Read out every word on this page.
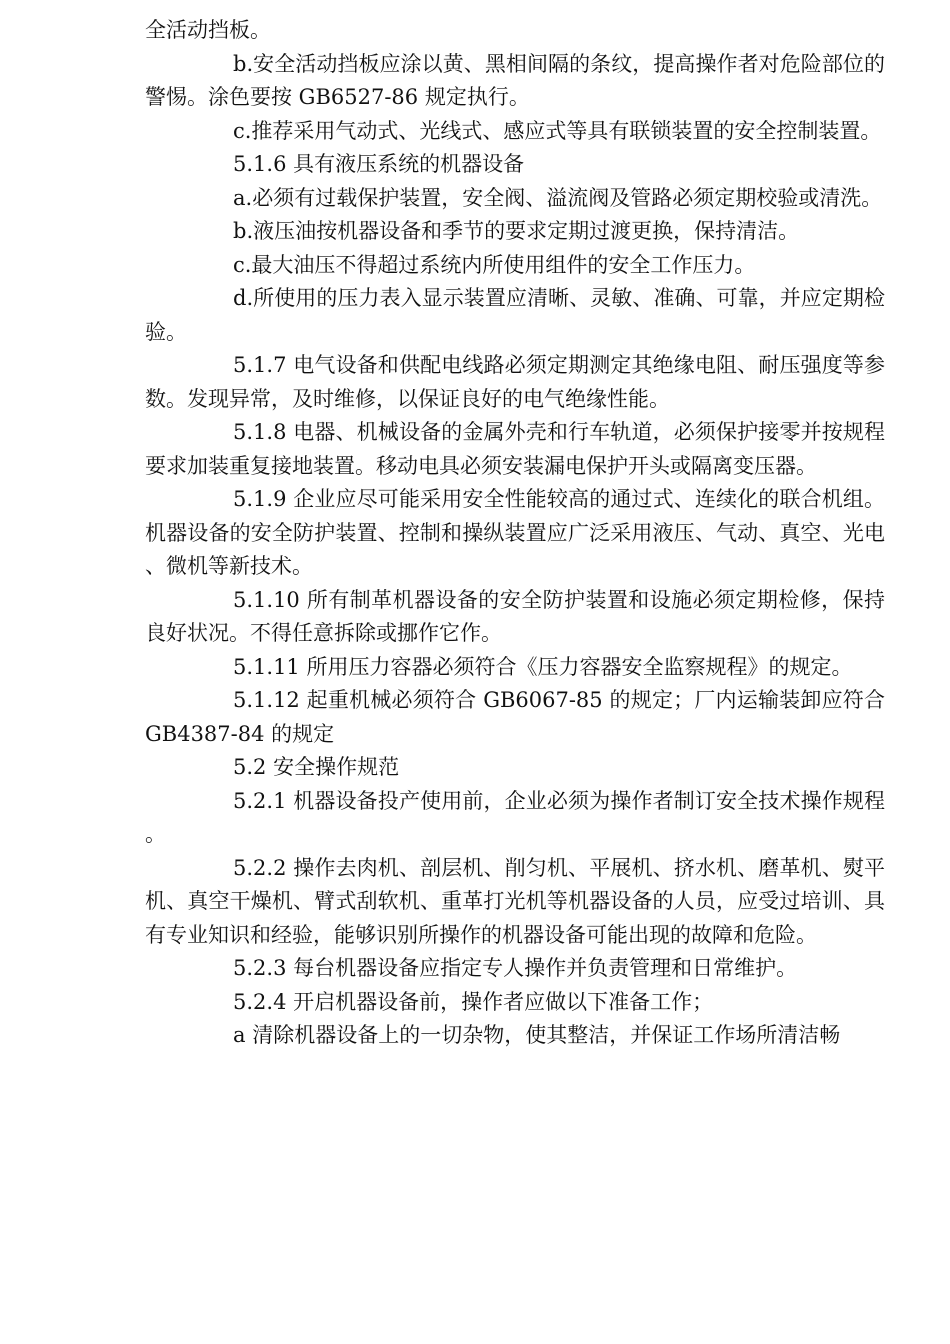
全活动挡板。

b.安全活动挡板应涂以黄、黑相间隔的条纹，提高操作者对危险部位的警惕。涂色要按 GB6527-86 规定执行。

c.推荐采用气动式、光线式、感应式等具有联锁装置的安全控制装置。

5.1.6 具有液压系统的机器设备

a.必须有过载保护装置，安全阀、溢流阀及管路必须定期校验或清洗。

b.液压油按机器设备和季节的要求定期过渡更换，保持清洁。

c.最大油压不得超过系统内所使用组件的安全工作压力。

d.所使用的压力表入显示装置应清晰、灵敏、准确、可靠，并应定期检验。

5.1.7 电气设备和供配电线路必须定期测定其绝缘电阻、耐压强度等参数。发现异常，及时维修，以保证良好的电气绝缘性能。

5.1.8 电器、机械设备的金属外壳和行车轨道，必须保护接零并按规程要求加装重复接地装置。移动电具必须安装漏电保护开头或隔离变压器。

5.1.9 企业应尽可能采用安全性能较高的通过式、连续化的联合机组。机器设备的安全防护装置、控制和操纵装置应广泛采用液压、气动、真空、光电、微机等新技术。

5.1.10 所有制革机器设备的安全防护装置和设施必须定期检修，保持良好状况。不得任意拆除或挪作它作。

5.1.11 所用压力容器必须符合《压力容器安全监察规程》的规定。

5.1.12 起重机械必须符合 GB6067-85 的规定；厂内运输装卸应符合 GB4387-84 的规定

5.2 安全操作规范

5.2.1 机器设备投产使用前，企业必须为操作者制订安全技术操作规程。

5.2.2 操作去肉机、剖层机、削匀机、平展机、挤水机、磨革机、熨平机、真空干燥机、臂式刮软机、重革打光机等机器设备的人员，应受过培训、具有专业知识和经验，能够识别所操作的机器设备可能出现的故障和危险。

5.2.3 每台机器设备应指定专人操作并负责管理和日常维护。

5.2.4 开启机器设备前，操作者应做以下准备工作；

a 清除机器设备上的一切杂物，使其整洁，并保证工作场所清洁畅
